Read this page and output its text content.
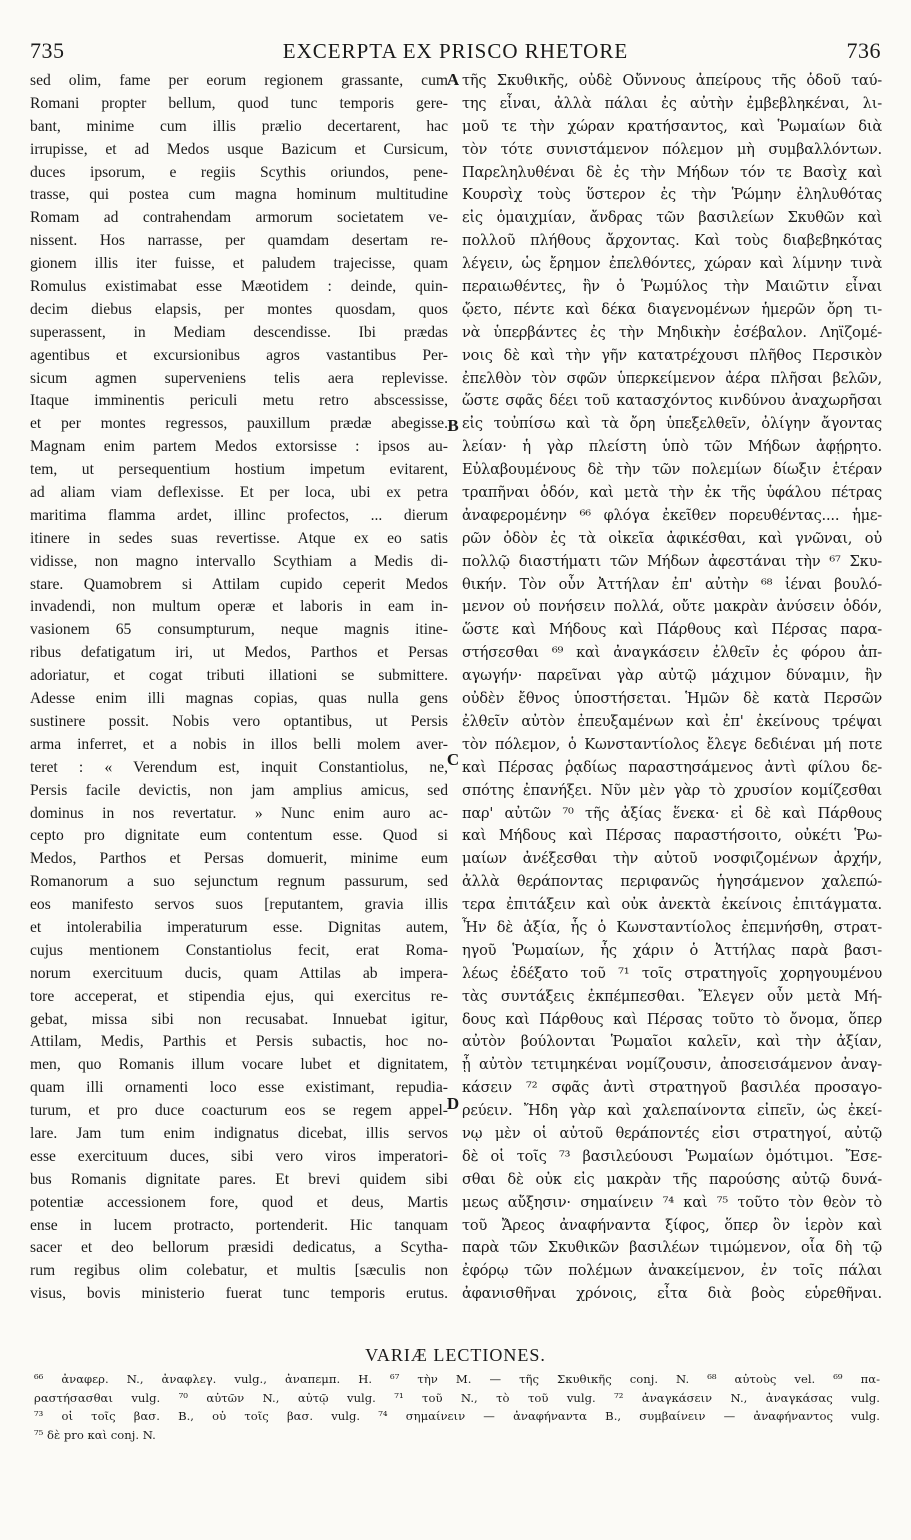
735	EXCERPTA EX PRISCO RHETORE	736
sed olim, fame per eorum regionem grassante, cum
Romani propter bellum, quod tunc temporis gere-
bant, minime cum illis prælio decertarent, hac
irrupisse, et ad Medos usque Bazicum et Cursicum,
duces ipsorum, e regiis Scythis oriundos, pene-
trasse, qui postea cum magna hominum multitudine
Romam ad contrahendam armorum societatem ve-
nissent. Hos narrasse, per quamdam desertam re-
gionem illis iter fuisse, et paludem trajecisse, quam
Romulus existimabat esse Mæotidem : deinde, quin-
decim diebus elapsis, per montes quosdam, quos
superassent, in Mediam descendisse. Ibi prædas
agentibus et excursionibus agros vastantibus Per-
sicum agmen superveniens telis aera replevisse.
Itaque imminentis periculi metu retro abscessisse,
et per montes regressos, pauxillum prædæ abegisse.
Magnam enim partem Medos extorsisse : ipsos au-
tem, ut persequentium hostium impetum evitarent,
ad aliam viam deflexisse. Et per loca, ubi ex petra
maritima flamma ardet, illinc profectos, ... dierum
itinere in sedes suas revertisse. Atque ex eo satis
vidisse, non magno intervallo Scythiam a Medis di-
stare. Quamobrem si Attilam cupido ceperit Medos
invadendi, non multum operæ et laboris in eam in-
vasionem 65 consumpturum, neque magnis itine-
ribus defatigatum iri, ut Medos, Parthos et Persas
adoriatur, et cogat tributi illationi se submittere.
Adesse enim illi magnas copias, quas nulla gens
sustinere possit. Nobis vero optantibus, ut Persis
arma inferret, et a nobis in illos belli molem aver-
teret : « Verendum est, inquit Constantiolus, ne,
Persis facile devictis, non jam amplius amicus, sed
dominus in nos revertatur. » Nunc enim auro ac-
cepto pro dignitate eum contentum esse. Quod si
Medos, Parthos et Persas domuerit, minime eum
Romanorum a suo sejunctum regnum passurum, sed
eos manifesto servos suos [reputantem, gravia illis
et intolerabilia imperaturum esse. Dignitas autem,
cujus mentionem Constantiolus fecit, erat Roma-
norum exercituum ducis, quam Attilas ab impera-
tore acceperat, et stipendia ejus, qui exercitus re-
gebat, missa sibi non recusabat. Innuebat igitur,
Attilam, Medis, Parthis et Persis subactis, hoc no-
men, quo Romanis illum vocare lubet et dignitatem,
quam illi ornamenti loco esse existimant, repudia-
turum, et pro duce coacturum eos se regem appel-
lare. Jam tum enim indignatus dicebat, illis servos
esse exercituum duces, sibi vero viros imperatori-
bus Romanis dignitate pares. Et brevi quidem sibi
potentiæ accessionem fore, quod et deus, Martis
ense in lucem protracto, portenderit. Hic tanquam
sacer et deo bellorum præsidi dedicatus, a Scytha-
rum regibus olim colebatur, et multis [sæculis non
visus, bovis ministerio fuerat tunc temporis erutus.
τῆς Σκυθικῆς, οὐδὲ Οὔννους ἀπείρους τῆς ὁδοῦ ταύ-
της εἶναι, ἀλλὰ πάλαι ἐς αὐτὴν ἐμβεβληκέναι, λι-
μοῦ τε τὴν χώραν κρατήσαντος, καὶ Ῥωμαίων διὰ
τὸν τότε συνιστάμενον πόλεμον μὴ συμβαλλόντων.
Παρεληλυθέναι δὲ ἐς τὴν Μήδων τόν τε Βασὶχ καὶ
Κουρσὶχ τοὺς ὕστερον ἐς τὴν Ῥώμην ἐληλυθότας
εἰς ὁμαιχμίαν, ἄνδρας τῶν βασιλείων Σκυθῶν καὶ
πολλοῦ πλήθους ἄρχοντας. Καὶ τοὺς διαβεβηκότας
λέγειν, ὡς ἔρημον ἐπελθόντες, χώραν καὶ λίμνην τινὰ
περαιωθέντες, ἣν ὁ Ῥωμύλος τὴν Μαιῶτιν εἶναι
ᾤετο, πέντε καὶ δέκα διαγενομένων ἡμερῶν ὄρη τι-
νὰ ὑπερβάντες ἐς τὴν Μηδικὴν ἐσέβαλον. Ληϊζομέ-
νοις δὲ καὶ τὴν γῆν κατατρέχουσι πλῆθος Περσικὸν
ἐπελθὸν τὸν σφῶν ὑπερκείμενον ἀέρα πλῆσαι βελῶν,
ὥστε σφᾶς δέει τοῦ κατασχόντος κινδύνου ἀναχωρῆσαι
εἰς τοὐπίσω καὶ τὰ ὄρη ὑπεξελθεῖν, ὀλίγην ἄγοντας
λείαν· ἡ γὰρ πλείστη ὑπὸ τῶν Μήδων ἀφῄρητο.
Εὐλαβουμένους δὲ τὴν τῶν πολεμίων δίωξιν ἑτέραν
τραπῆναι ὁδόν, καὶ μετὰ τὴν ἐκ τῆς ὑφάλου πέτρας
ἀναφερομένην ⁶⁶ φλόγα ἐκεῖθεν πορευθέντας.... ἡμε-
ρῶν ὁδὸν ἐς τὰ οἰκεῖα ἀφικέσθαι, καὶ γνῶναι, οὐ
πολλῷ διαστήματι τῶν Μήδων ἀφεστάναι τὴν ⁶⁷ Σκυ-
θικήν. Τὸν οὖν Ἀττήλαν ἐπ' αὐτὴν ⁶⁸ ἰέναι βουλό-
μενον οὐ πονήσειν πολλά, οὔτε μακρὰν ἀνύσειν ὁδόν,
ὥστε καὶ Μήδους καὶ Πάρθους καὶ Πέρσας παρα-
στήσεσθαι ⁶⁹ καὶ ἀναγκάσειν ἐλθεῖν ἐς φόρου ἀπ-
αγωγήν· παρεῖναι γὰρ αὐτῷ μάχιμον δύναμιν, ἣν
οὐδὲν ἔθνος ὑποστήσεται. Ἡμῶν δὲ κατὰ Περσῶν
ἐλθεῖν αὐτὸν ἐπευξαμένων καὶ ἐπ' ἐκείνους τρέψαι
τὸν πόλεμον, ὁ Κωνσταντίολος ἔλεγε δεδιέναι μή ποτε
καὶ Πέρσας ῥᾳδίως παραστησάμενος ἀντὶ φίλου δε-
σπότης ἐπανήξει. Νῦν μὲν γὰρ τὸ χρυσίον κομίζεσθαι
παρ' αὐτῶν ⁷⁰ τῆς ἀξίας ἕνεκα· εἰ δὲ καὶ Πάρθους
καὶ Μήδους καὶ Πέρσας παραστήσοιτο, οὐκέτι Ῥω-
μαίων ἀνέξεσθαι τὴν αὐτοῦ νοσφιζομένων ἀρχήν,
ἀλλὰ θεράποντας περιφανῶς ἡγησάμενον χαλεπώ-
τερα ἐπιτάξειν καὶ οὐκ ἀνεκτὰ ἐκείνοις ἐπιτάγματα.
Ἦν δὲ ἀξία, ἧς ὁ Κωνσταντίολος ἐπεμνήσθη, στρατ-
ηγοῦ Ῥωμαίων, ἧς χάριν ὁ Ἀττήλας παρὰ βασι-
λέως ἐδέξατο τοῦ ⁷¹ τοῖς στρατηγοῖς χορηγουμένου
τὰς συντάξεις ἐκπέμπεσθαι. Ἔλεγεν οὖν μετὰ Μή-
δους καὶ Πάρθους καὶ Πέρσας τοῦτο τὸ ὄνομα, ὅπερ
αὐτὸν βούλονται Ῥωμαῖοι καλεῖν, καὶ τὴν ἀξίαν,
ᾗ αὐτὸν τετιμηκέναι νομίζουσιν, ἀποσεισάμενον ἀναγ-
κάσειν ⁷² σφᾶς ἀντὶ στρατηγοῦ βασιλέα προσαγο-
ρεύειν. Ἤδη γὰρ καὶ χαλεπαίνοντα εἰπεῖν, ὡς ἐκεί-
νῳ μὲν οἱ αὐτοῦ θεράποντές εἰσι στρατηγοί, αὐτῷ
δὲ οἱ τοῖς ⁷³ βασιλεύουσι Ῥωμαίων ὁμότιμοι. Ἔσε-
σθαι δὲ οὐκ εἰς μακρὰν τῆς παρούσης αὐτῷ δυνά-
μεως αὔξησιν· σημαίνειν ⁷⁴ καὶ ⁷⁵ τοῦτο τὸν θεὸν τὸ
τοῦ Ἄρεος ἀναφήναντα ξίφος, ὅπερ ὂν ἱερὸν καὶ
παρὰ τῶν Σκυθικῶν βασιλέων τιμώμενον, οἷα δὴ τῷ
ἐφόρῳ τῶν πολέμων ἀνακείμενον, ἐν τοῖς πάλαι
ἀφανισθῆναι χρόνοις, εἶτα διὰ βοὸς εὑρεθῆναι.
A
B
C
D
VARIÆ LECTIONES.
⁶⁶ ἀναφερ. N., ἀναφλεγ. vulg., ἀναπεμπ. H. ⁶⁷ τὴν Μ. — τῆς Σκυθικῆς conj. N. ⁶⁸ αὐτοὺς vel. ⁶⁹ πα-
ραστήσασθαι vulg. ⁷⁰ αὐτῶν N., αὐτῷ vulg. ⁷¹ τοῦ N., τὸ τοῦ vulg. ⁷² ἀναγκάσειν N., ἀναγκάσας vulg.
⁷³ οἱ τοῖς βασ. B., οὐ τοῖς βασ. vulg. ⁷⁴ σημαίνειν — ἀναφήναντα B., συμβαίνειν — ἀναφήναντος vulg.
⁷⁵ δὲ pro καὶ conj. N.
